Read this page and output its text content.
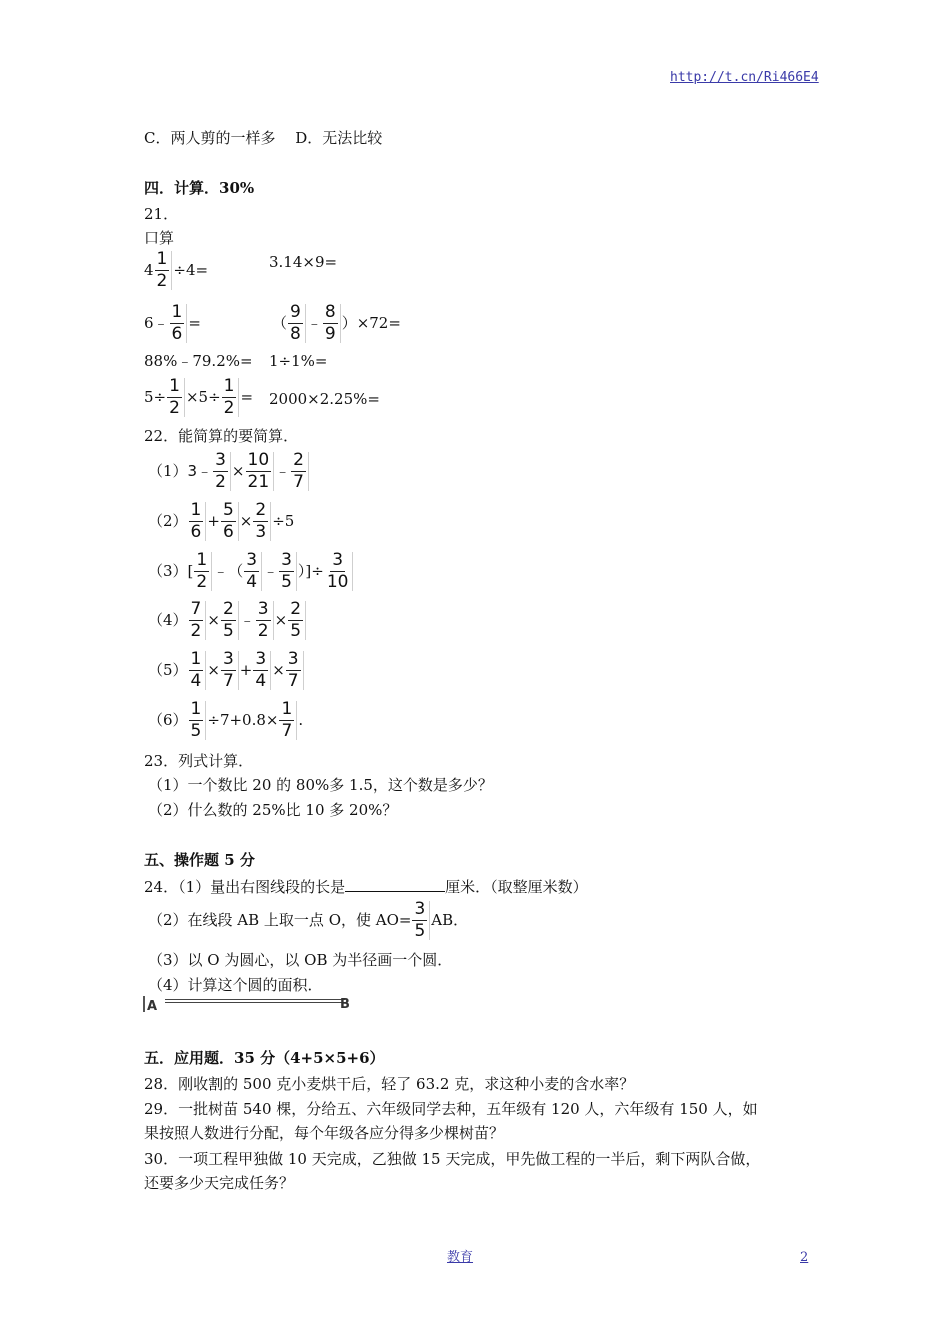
http://t.cn/Ri466E4
C．两人剪的一样多　 D．无法比较
四．计算．30%
21．
口算
$4 \frac{1}{2} \div 4=$	3.14×9=
6﹣ $\frac{1}{6}$ =	（ $\frac{9}{8}$ ﹣ $\frac{8}{9} )\times 72=$
88%﹣79.2%= 1÷1%=
$5\div \frac{1}{2} \times 5\div \frac{1}{2} = 2000\times 2.25\%=$
22．能简算的要简算．
（1） 3﹣ $\frac{3}{2} \times \frac{10}{21}$ ﹣ $\frac{2}{7}$
$(2) \frac{1}{6} + \frac{5}{6} \times \frac{2}{3} \div 5$
（3） [ $\frac{1}{2}$ ﹣（ $\frac{3}{4}$ ﹣ $\frac{3}{5}$ ）]÷ $\frac{3}{10}$
$(4) \frac{7}{2} \times \frac{2}{5}$ ﹣ $\frac{3}{2} \times \frac{2}{5}$
$(5) \frac{1}{4} \times \frac{3}{7} + \frac{3}{4} \times \frac{3}{7}$
$(6) \frac{1}{5} \div 7+0.8\times \frac{1}{7}$ .
23．列式计算．
（1）一个数比 20 的 80%多 1.5，这个数是多少？
（2）什么数的 25%比 10 多 20%？
五、操作题 5 分
24．（1）量出右图线段的长是	厘米．（取整厘米数）
（2）在线段 AB 上取一点 O，使 $AO= \frac{3}{5}$ AB．
（3）以 O 为圆心，以 OB 为半径画一个圆．
（4）计算这个圆的面积．
A	B
五．应用题．35 分（4+5×5+6）
28．刚收割的 500 克小麦烘干后，轻了 63.2 克，求这种小麦的含水率？
29．一批树苗 540 棵，分给五、六年级同学去种，五年级有 120 人，六年级有 150 人，如
果按照人数进行分配，每个年级各应分得多少棵树苗？
30．一项工程甲独做 10 天完成，乙独做 15 天完成，甲先做工程的一半后，剩下两队合做，
还要多少天完成任务？
教育	2
